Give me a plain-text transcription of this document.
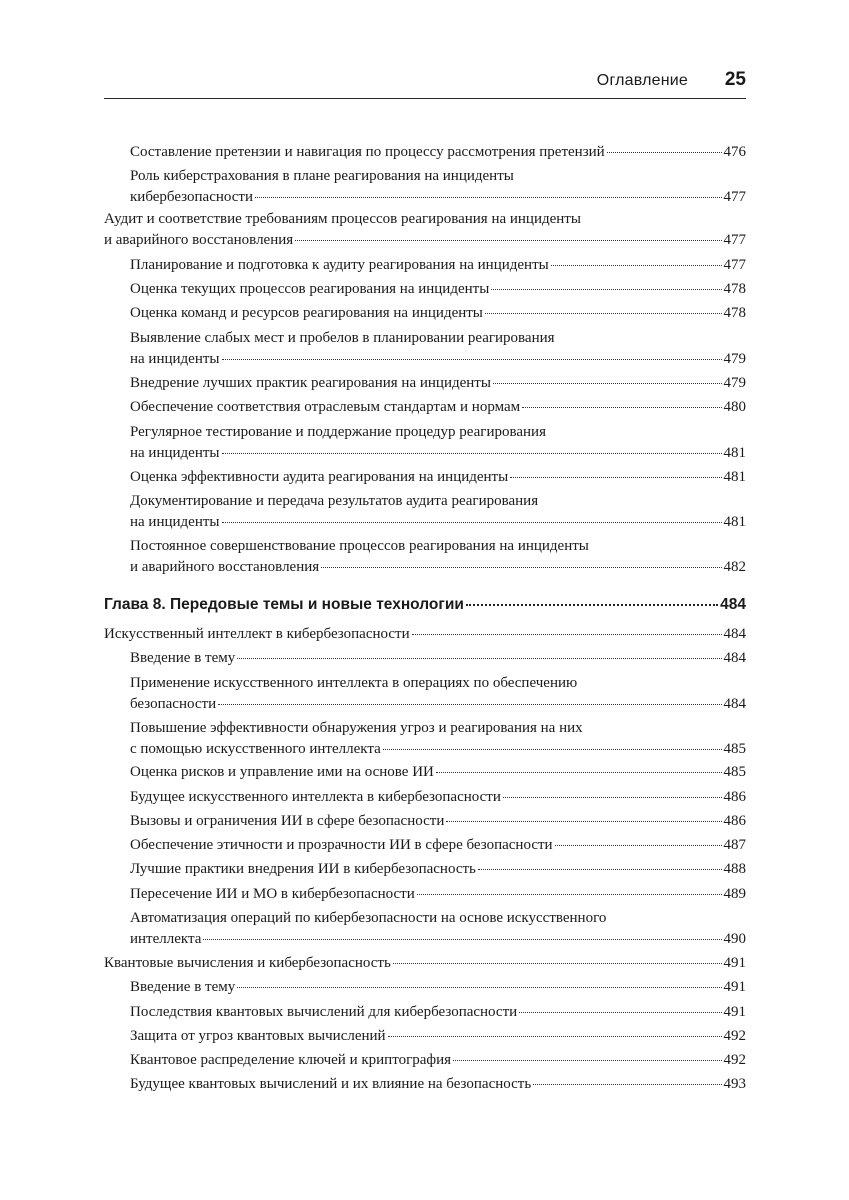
Оглавление 25
Составление претензии и навигация по процессу рассмотрения претензий	476
Роль киберстрахования в плане реагирования на инциденты
кибербезопасности	477
Аудит и соответствие требованиям процессов реагирования на инциденты
и аварийного восстановления	477
Планирование и подготовка к аудиту реагирования на инциденты	477
Оценка текущих процессов реагирования на инциденты	478
Оценка команд и ресурсов реагирования на инциденты	478
Выявление слабых мест и пробелов в планировании реагирования
на инциденты	479
Внедрение лучших практик реагирования на инциденты	479
Обеспечение соответствия отраслевым стандартам и нормам	480
Регулярное тестирование и поддержание процедур реагирования
на инциденты	481
Оценка эффективности аудита реагирования на инциденты	481
Документирование и передача результатов аудита реагирования
на инциденты	481
Постоянное совершенствование процессов реагирования на инциденты
и аварийного восстановления	482
Глава 8. Передовые темы и новые технологии	484
Искусственный интеллект в кибербезопасности	484
Введение в тему	484
Применение искусственного интеллекта в операциях по обеспечению
безопасности	484
Повышение эффективности обнаружения угроз и реагирования на них
с помощью искусственного интеллекта	485
Оценка рисков и управление ими на основе ИИ	485
Будущее искусственного интеллекта в кибербезопасности	486
Вызовы и ограничения ИИ в сфере безопасности	486
Обеспечение этичности и прозрачности ИИ в сфере безопасности	487
Лучшие практики внедрения ИИ в кибербезопасность	488
Пересечение ИИ и МО в кибербезопасности	489
Автоматизация операций по кибербезопасности на основе искусственного
интеллекта	490
Квантовые вычисления и кибербезопасность	491
Введение в тему	491
Последствия квантовых вычислений для кибербезопасности	491
Защита от угроз квантовых вычислений	492
Квантовое распределение ключей и криптография	492
Будущее квантовых вычислений и их влияние на безопасность	493
